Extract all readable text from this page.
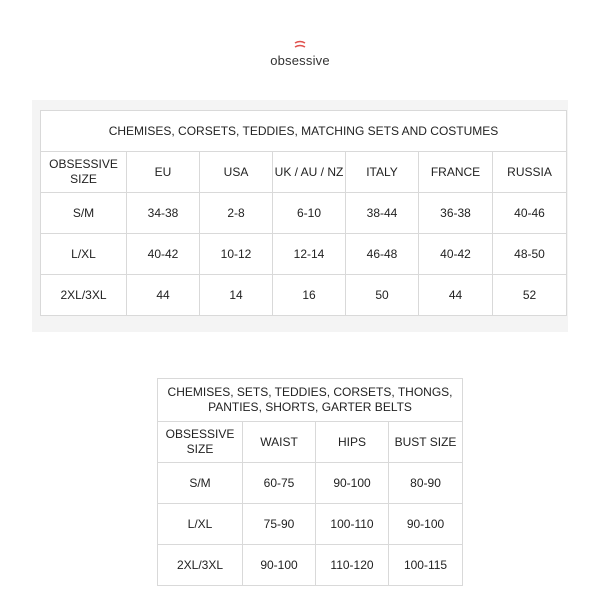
obsessive
CHEMISES, CORSETS, TEDDIES, MATCHING SETS AND COSTUMES						
OBSESSIVE SIZE	EU	USA	UK / AU / NZ	ITALY	FRANCE	RUSSIA
S/M	34-38	2-8	6-10	38-44	36-38	40-46
L/XL	40-42	10-12	12-14	46-48	40-42	48-50
2XL/3XL	44	14	16	50	44	52
CHEMISES, SETS, TEDDIES, CORSETS, THONGS, PANTIES, SHORTS, GARTER BELTS			
OBSESSIVE SIZE	WAIST	HIPS	BUST SIZE
S/M	60-75	90-100	80-90
L/XL	75-90	100-110	90-100
2XL/3XL	90-100	110-120	100-115
